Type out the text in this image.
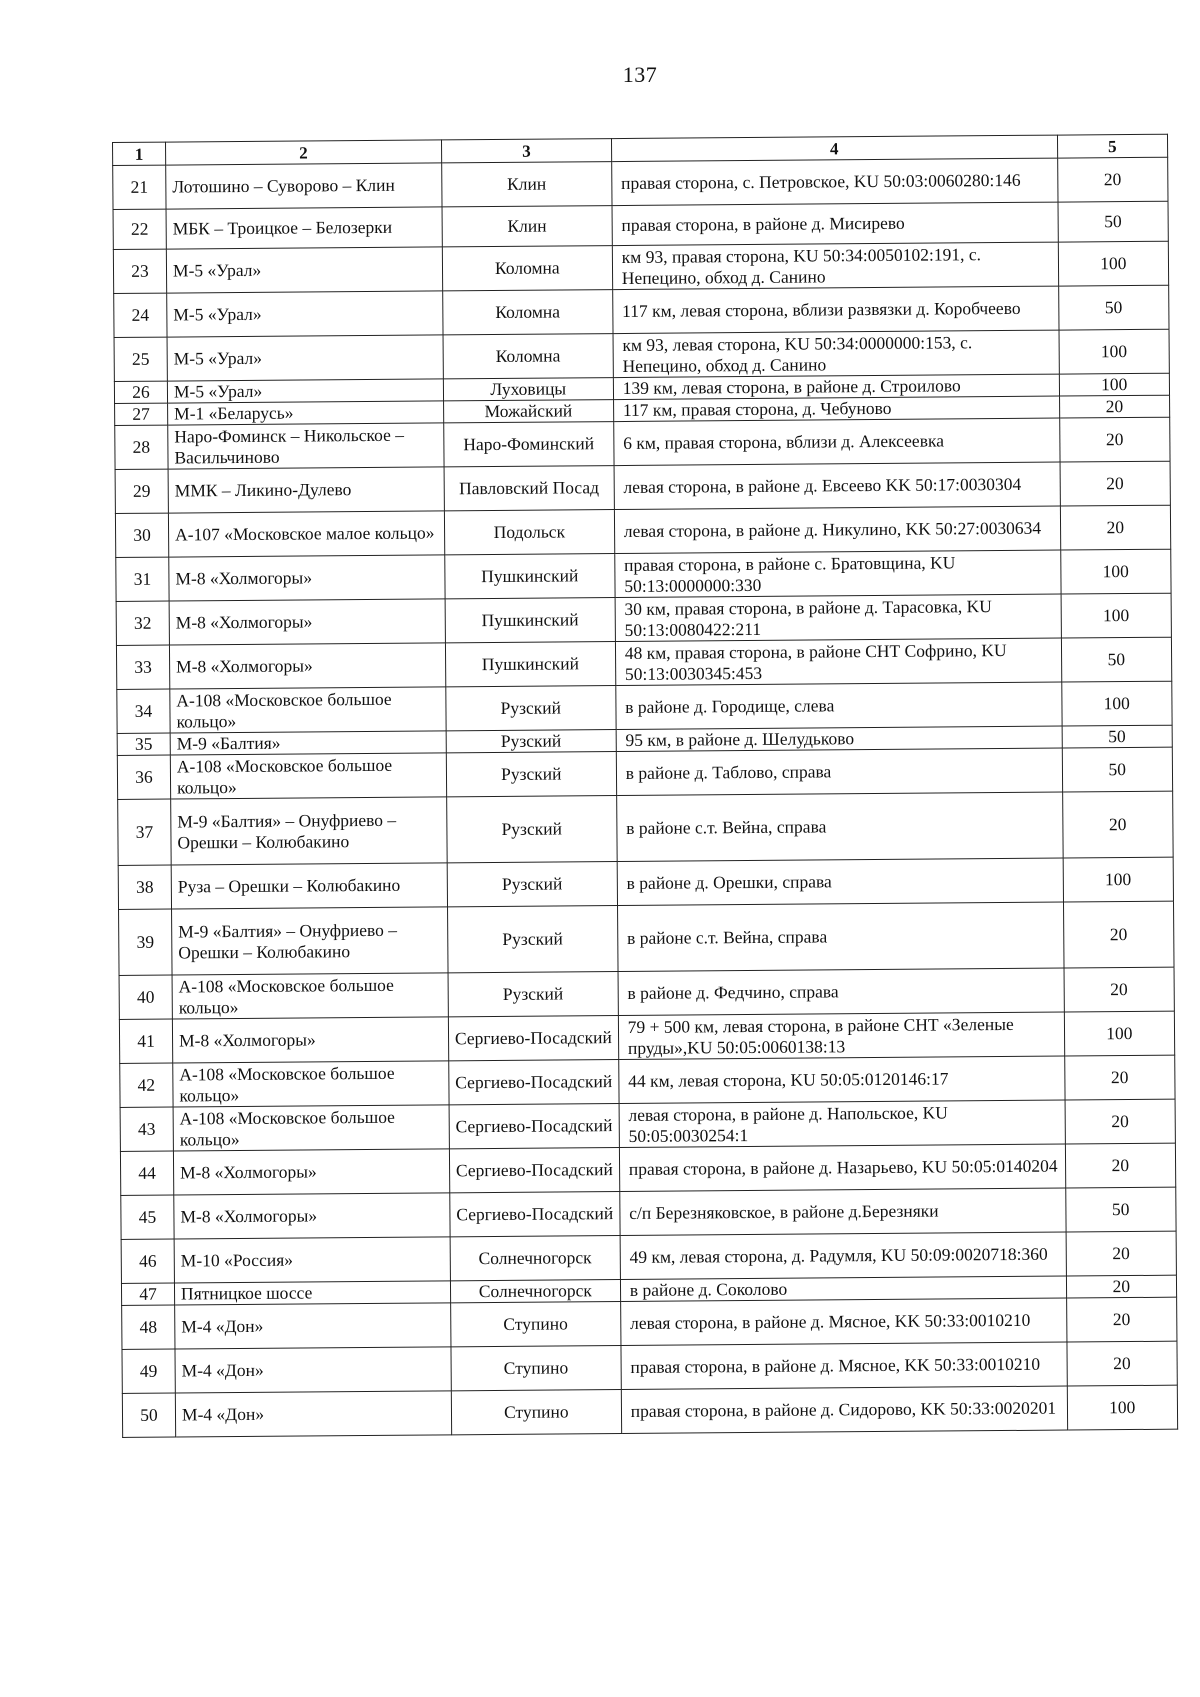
137
1	2	3	4	5
21	Лотошино – Суворово – Клин	Клин	правая сторона, с. Петровское, KU 50:03:0060280:146	20
22	МБК – Троицкое – Белозерки	Клин	правая сторона, в районе д. Мисирево	50
23	М-5 «Урал»	Коломна	км 93, правая сторона, KU 50:34:0050102:191, с. Непецино, обход д. Санино	100
24	М-5 «Урал»	Коломна	117 км, левая сторона, вблизи развязки д. Коробчеево	50
25	М-5 «Урал»	Коломна	км 93, левая сторона, KU 50:34:0000000:153, с. Непецино, обход д. Санино	100
26	М-5 «Урал»	Луховицы	139 км, левая сторона, в районе д. Строилово	100
27	М-1 «Беларусь»	Можайский	117 км, правая сторона, д. Чебуново	20
28	Наро-Фоминск – Никольское – Васильчиново	Наро-Фоминский	6 км, правая сторона, вблизи д. Алексеевка	20
29	ММК – Ликино-Дулево	Павловский Посад	левая сторона, в районе д. Евсеево KK 50:17:0030304	20
30	А-107 «Московское малое кольцо»	Подольск	левая сторона, в районе д. Никулино, KK 50:27:0030634	20
31	М-8 «Холмогоры»	Пушкинский	правая сторона, в районе с. Братовщина, KU 50:13:0000000:330	100
32	М-8 «Холмогоры»	Пушкинский	30 км, правая сторона, в районе д. Тарасовка, KU 50:13:0080422:211	100
33	М-8 «Холмогоры»	Пушкинский	48 км, правая сторона, в районе СНТ Софрино, KU 50:13:0030345:453	50
34	А-108 «Московское большое кольцо»	Рузский	в районе д. Городище, слева	100
35	М-9 «Балтия»	Рузский	95 км, в районе д. Шелудьково	50
36	А-108 «Московское большое кольцо»	Рузский	в районе д. Таблово, справа	50
37	М-9 «Балтия» – Онуфриево – Орешки – Колюбакино	Рузский	в районе с.т. Вейна, справа	20
38	Руза – Орешки – Колюбакино	Рузский	в районе д. Орешки, справа	100
39	М-9 «Балтия» – Онуфриево – Орешки – Колюбакино	Рузский	в районе с.т. Вейна, справа	20
40	А-108 «Московское большое кольцо»	Рузский	в районе д. Федчино, справа	20
41	М-8 «Холмогоры»	Сергиево-Посадский	79 + 500 км, левая сторона, в районе СНТ «Зеленые пруды»,KU 50:05:0060138:13	100
42	А-108 «Московское большое кольцо»	Сергиево-Посадский	44 км, левая сторона, KU 50:05:0120146:17	20
43	А-108 «Московское большое кольцо»	Сергиево-Посадский	левая сторона, в районе д. Напольское, KU 50:05:0030254:1	20
44	М-8 «Холмогоры»	Сергиево-Посадский	правая сторона, в районе д. Назарьево, KU 50:05:0140204	20
45	М-8 «Холмогоры»	Сергиево-Посадский	с/п Березняковское, в районе д.Березняки	50
46	М-10 «Россия»	Солнечногорск	49 км, левая сторона, д. Радумля, KU 50:09:0020718:360	20
47	Пятницкое шоссе	Солнечногорск	в районе д. Соколово	20
48	М-4 «Дон»	Ступино	левая сторона, в районе д. Мясное, KK 50:33:0010210	20
49	М-4 «Дон»	Ступино	правая сторона, в районе д. Мясное, KK 50:33:0010210	20
50	М-4 «Дон»	Ступино	правая сторона, в районе д. Сидорово, KK 50:33:0020201	100
